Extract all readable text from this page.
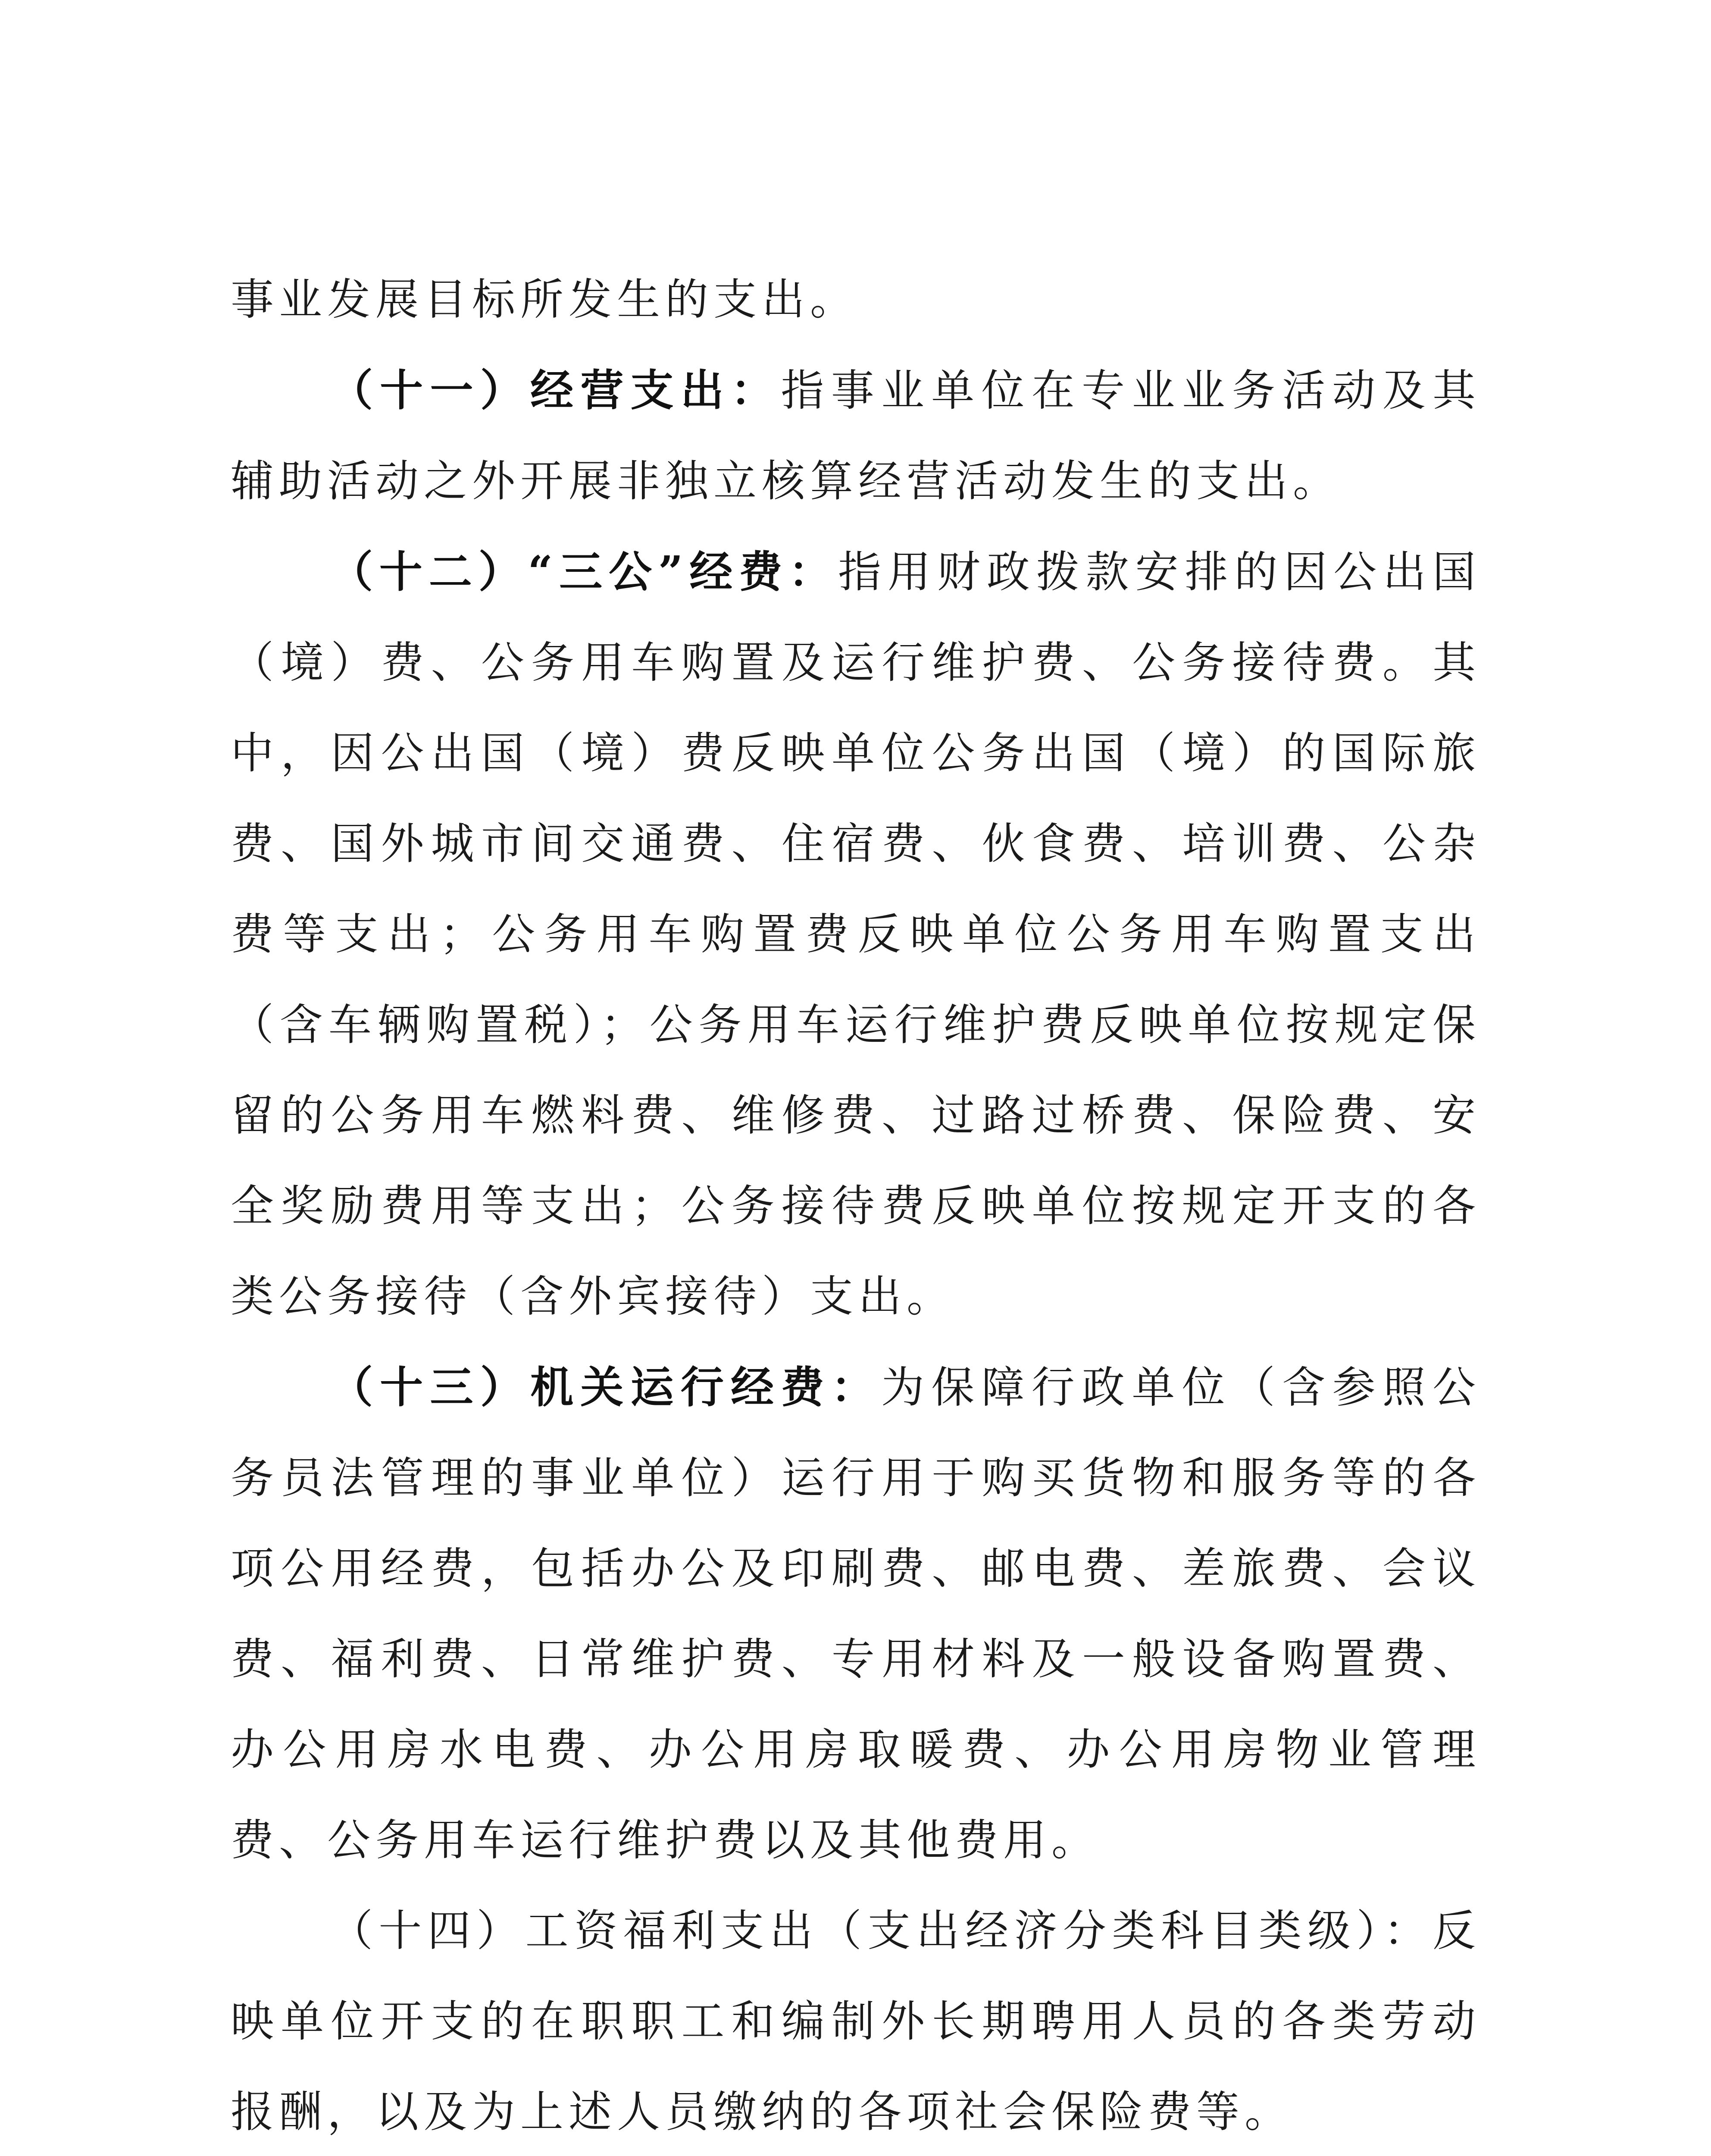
事业发展目标所发生的支出。

（十一）经营支出：指事业单位在专业业务活动及其辅助活动之外开展非独立核算经营活动发生的支出。

（十二）“三公”经费：指用财政拨款安排的因公出国（境）费、公务用车购置及运行维护费、公务接待费。其中，因公出国（境）费反映单位公务出国（境）的国际旅费、国外城市间交通费、住宿费、伙食费、培训费、公杂费等支出；公务用车购置费反映单位公务用车购置支出（含车辆购置税）；公务用车运行维护费反映单位按规定保留的公务用车燃料费、维修费、过路过桥费、保险费、安全奖励费用等支出；公务接待费反映单位按规定开支的各类公务接待（含外宾接待）支出。

（十三）机关运行经费：为保障行政单位（含参照公务员法管理的事业单位）运行用于购买货物和服务等的各项公用经费，包括办公及印刷费、邮电费、差旅费、会议费、福利费、日常维护费、专用材料及一般设备购置费、办公用房水电费、办公用房取暖费、办公用房物业管理费、公务用车运行维护费以及其他费用。

（十四）工资福利支出（支出经济分类科目类级）：反映单位开支的在职职工和编制外长期聘用人员的各类劳动报酬，以及为上述人员缴纳的各项社会保险费等。
